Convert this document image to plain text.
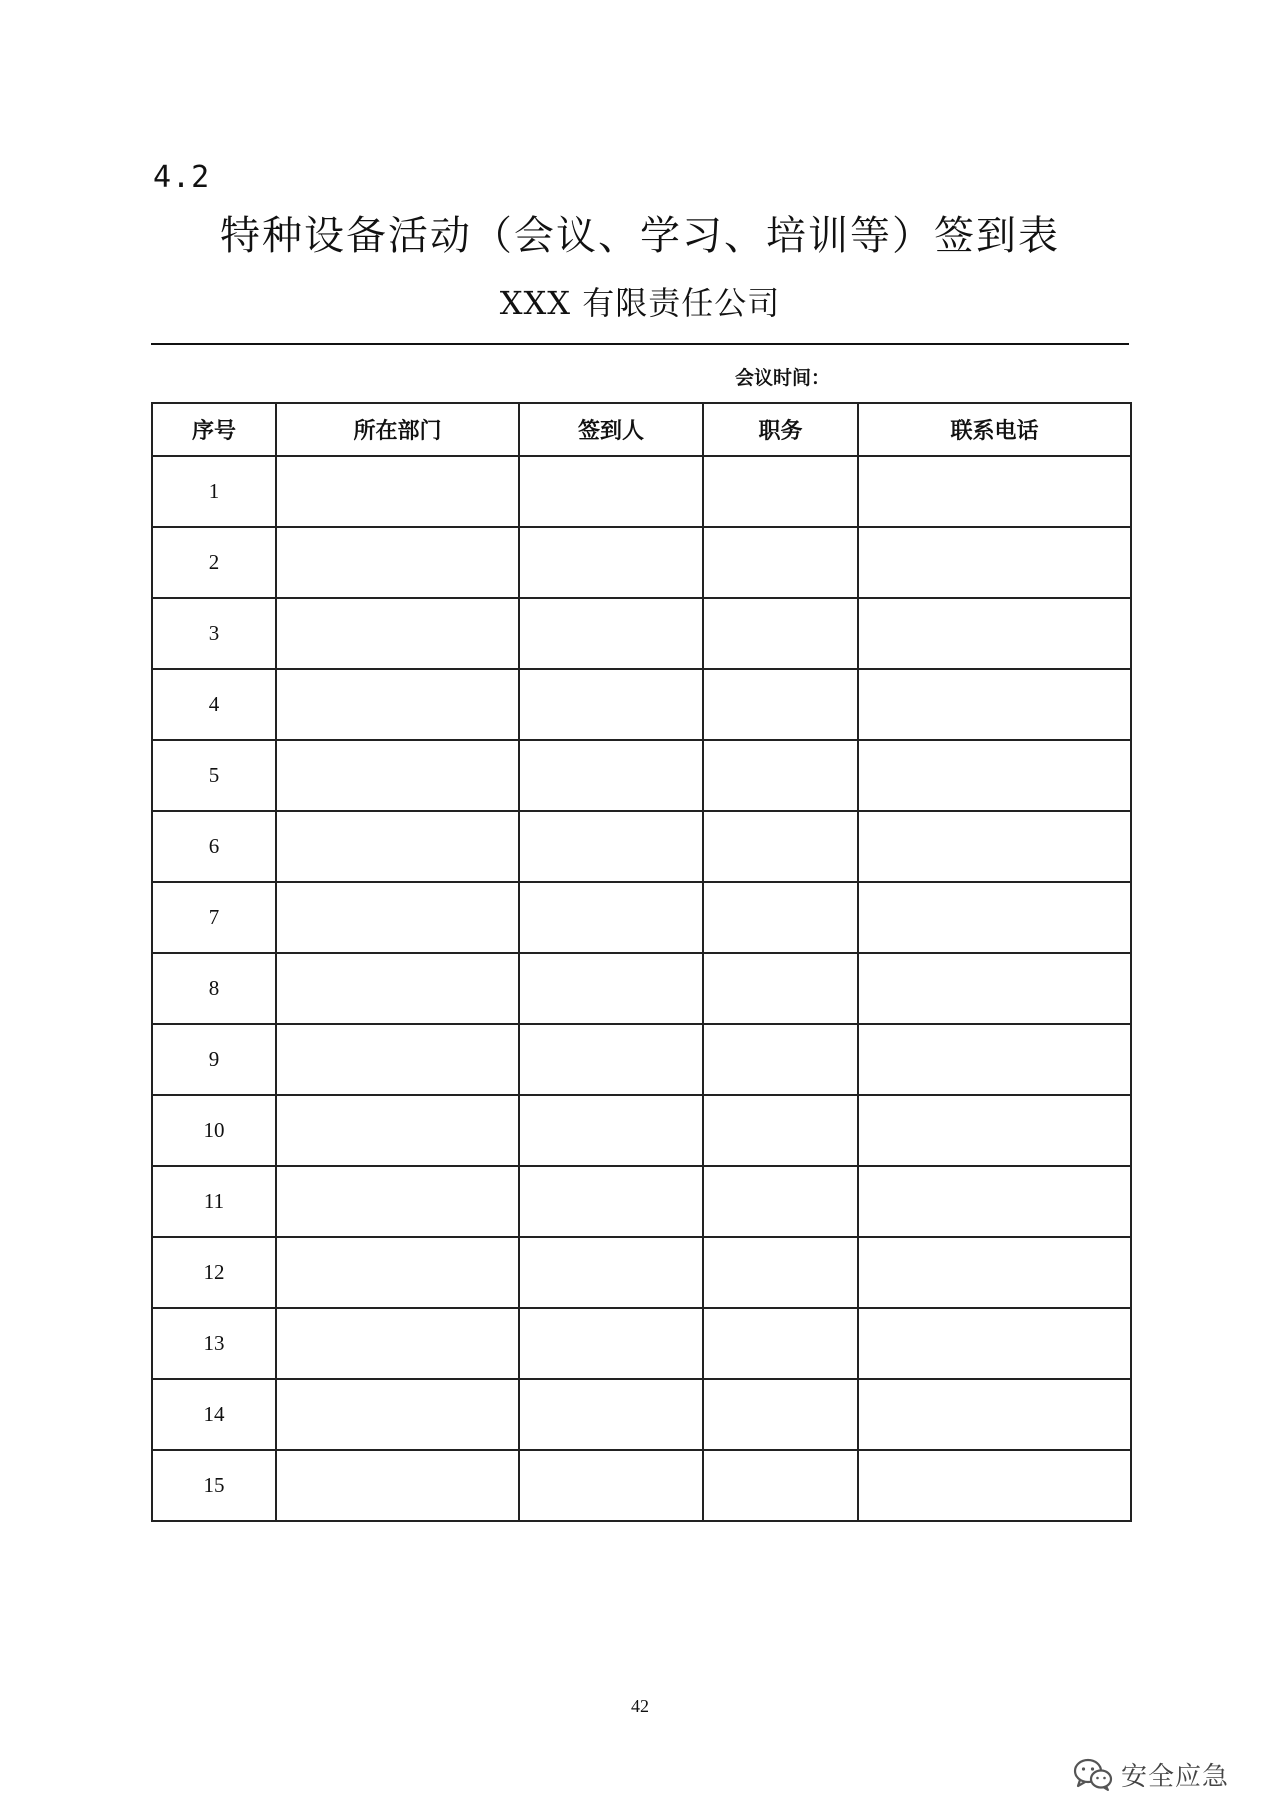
4.2
特种设备活动（会议、学习、培训等）签到表
XXX 有限责任公司
会议时间：
序号	所在部门	签到人	职务	联系电话
1				
2				
3				
4				
5				
6				
7				
8				
9				
10				
11				
12				
13				
14				
15				
42
安全应急
